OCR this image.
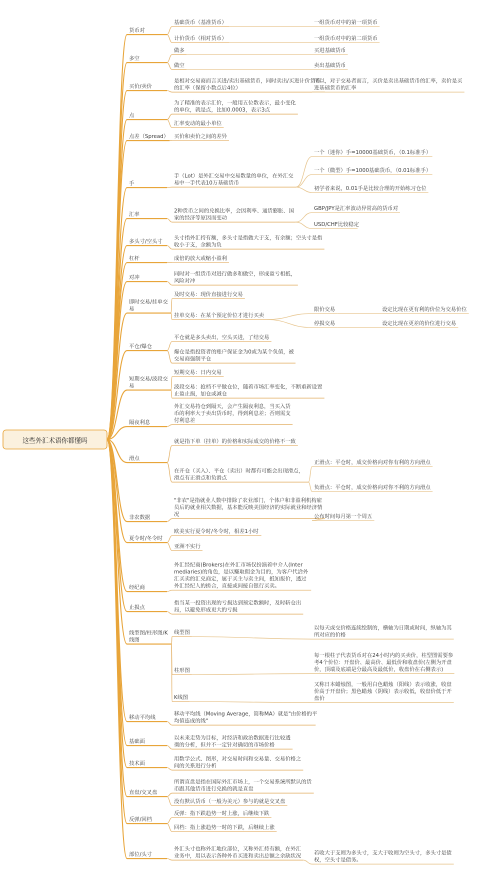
这些外汇术语你都懂吗
货币对
基础货币（基准货币）	一组货币对中的第一项货币
计价货币（相对货币）	一组货币对中的第二项货币
多空
做多	买进基础货币
做空	卖出基础货币
买价/卖价
是相对交易商而言买进/卖出基础货币，同时卖出/买进计价货币的汇率（保留小数点后4位）
所以，对于交易者而言，买价是卖出基础货币的汇率，卖价是买进基础货币的汇率
点
为了精准的表示汇价，一般用五位数表示，最小变化的单位，就是点，比如0.0003，表示3点
汇率变动的最小单位
点差（Spread） 买价和卖价之间的差异
手
手（Lot）是外汇交易中交易数量的单位，在外汇交易中一手代表10万基础货币
一个（迷你）手=10000基础货币，（0.1标准手）
一个（微型）手=1000基础货币，（0.01标准手）
初学者来说，0.01手是比较合理的开始练习仓位
汇率
2种货币之间的兑换比率，会因利率、通货膨胀、国家的经济等原因而变动
GBP/JPY是汇率波动异常高的货币对
USD/CHF比较稳定
多头寸/空头寸
头寸指外汇持有额，多头寸是指做大于支，有余额；空头寸是指收小于支，余额为负
杠杆	成倍的放大或缩小盈利
对冲
同时对一组货币对进行做多和做空，形成盈亏相抵，风险对冲
即时交易/挂单交易
及时交易：现价直接进行交易
挂单交易：在某个预定价位才进行买卖
限价交易	设定比现在更有利的价位为交易价位
停损交易	设定比现在更差的价位进行交易
平仓/爆仓
平仓就是多头卖出，空头买进，了结交易
爆仓是指投资者的账户保证金为0或为某个负值，被交易商强制平仓
短期交易/波段交易
短期交易：日内交易
波段交易：抢档不平做仓位，随着市场汇率变化，不断重新设置止盈止损，加仓或减仓
隔夜利息
外汇交易持仓到隔天，会产生隔夜利息，当买入货币的利率大于卖出货币时，得到利息差；否则需支付利息差
滑点
就是指下单（挂单）的价格和实际成交的价格不一致
在开仓（买入）、平仓（卖出）时都有可能会出现滑点，滑点有正滑点和负滑点
正滑点：平仓时，成交价格向对你有利的方向滑点
负滑点：平仓时，成交价格向对你不利的方向滑点
非农数据
"非农"是指就业人数中排除了农业部门，个体户和非盈利机构雇员后的就业相关数据，基本能反映美国经济的实际就业和经济情况	公布时间每月第一个周五
夏令时/冬令时
欧美实行夏令时/冬令时，相差1小时
亚洲不实行
经纪商
外汇经纪商(Brokers)在外汇市场仅扮演着中介人(Inter mediaries)的角色，是以赚取佣金为目的，为客户代洽外汇买卖的汇兑商定，属于买主与卖主间，抵知报价，透过外汇经纪人的搓合，直接或间接自银行买卖。
止损点
指当某一投资出现的亏损达到预定数额时，及时斩仓出局，以避免形成更大的亏损
线型图/柱形图/K 线图
线型图
以每天或交价格连续绘制的，横轴为日期或时间，纵轴为其所对应的价格
柱形图
每一根柱子代表货币对在24小时内的买卖价，柱型图需要参考4个价位：开盘价、最高价、最低价和收盘价(左侧为开盘价，顶端及底端是分最高及最低价，收盘价在右侧表示)
K线图
又称日本蜡烛图，一般用白色蜡烛（阳线）表示收涨，收盘价高于开盘价；黑色蜡烛（阴线）表示收低，收盘价低于开盘价
移动平均线
移动平均线（Moving Average，简称MA）就是"由价格的平均值连成的线"
基础面
以未来走势为目标，对经济和政治数据进行比较透彻的分析，但并不一定针对确切的市场价格
技术面
用数学公式、图形，对交易时间和交易量、交易价格之间的关系进行分析
直盘/交叉盘
所谓直盘是指在国际外汇市场上，一个交易系统所默认的货币跟其他货币进行兑换的就是直盘
没有默认货币（一般为美元）参与的就是交叉盘
反弹/回档
反弹：指下跌趋势一时上涨，后继续下跌
回档：指上涨趋势一时的下跌，后继续上涨
部位/头寸
外汇头寸也称外汇地位部位，又称外汇持有额，在外汇业务中，用以表示各种外币买进和卖出总额之余缺状况
若收大于支则为多头寸，支大于收则为空头寸，多头寸是债权，空头寸是债务。
